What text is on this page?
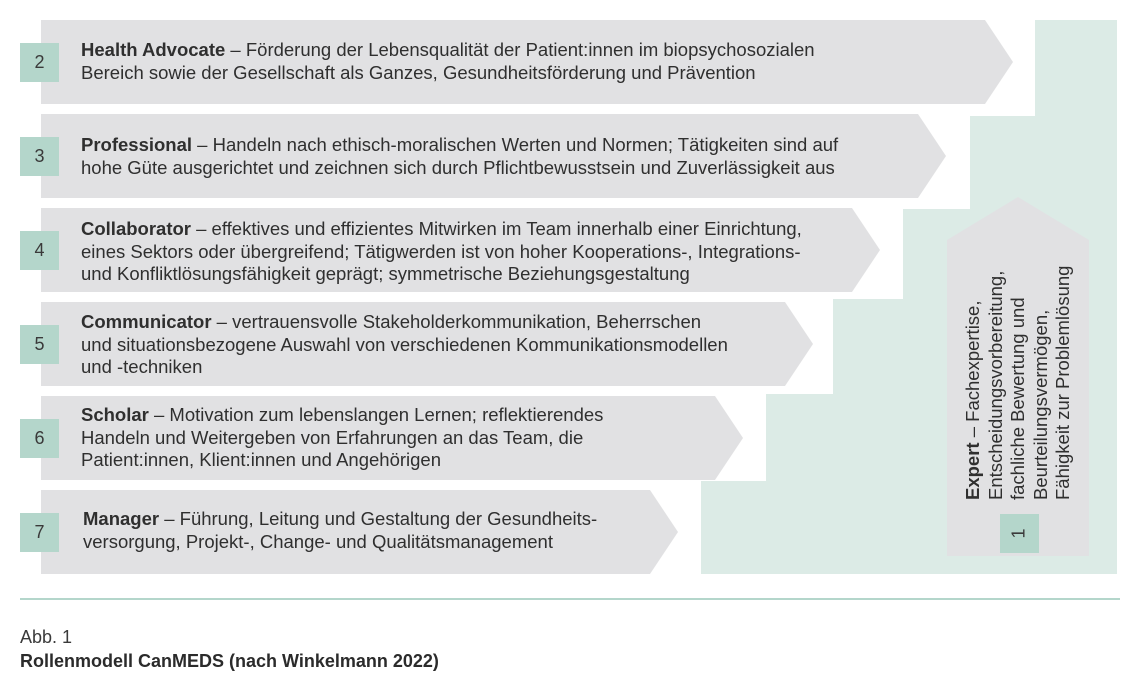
2
Health Advocate – Förderung der Lebensqualität der Patient:innen im biopsychosozialen
Bereich sowie der Gesellschaft als Ganzes, Gesundheitsförderung und Prävention
3
Professional – Handeln nach ethisch-moralischen Werten und Normen; Tätigkeiten sind auf
hohe Güte ausgerichtet und zeichnen sich durch Pflichtbewusstsein und Zuverlässigkeit aus
4
Collaborator – effektives und effizientes Mitwirken im Team innerhalb einer Einrichtung,
eines Sektors oder übergreifend; Tätigwerden ist von hoher Kooperations-, Integrations-
und Konfliktlösungsfähigkeit geprägt; symmetrische Beziehungsgestaltung
5
Communicator – vertrauensvolle Stakeholderkommunikation, Beherrschen
und situationsbezogene Auswahl von verschiedenen Kommunikationsmodellen
und -techniken
6
Scholar – Motivation zum lebenslangen Lernen; reflektierendes
Handeln und Weitergeben von Erfahrungen an das Team, die
Patient:innen, Klient:innen und Angehörigen
7
Manager – Führung, Leitung und Gestaltung der Gesundheits-
versorgung, Projekt-, Change- und Qualitätsmanagement
Expert – Fachexpertise, Entscheidungsvorbereitung, fachliche Bewertung und Beurteilungsvermögen, Fähigkeit zur Problemlösung
1
Abb. 1
Rollenmodell CanMEDS (nach Winkelmann 2022)
